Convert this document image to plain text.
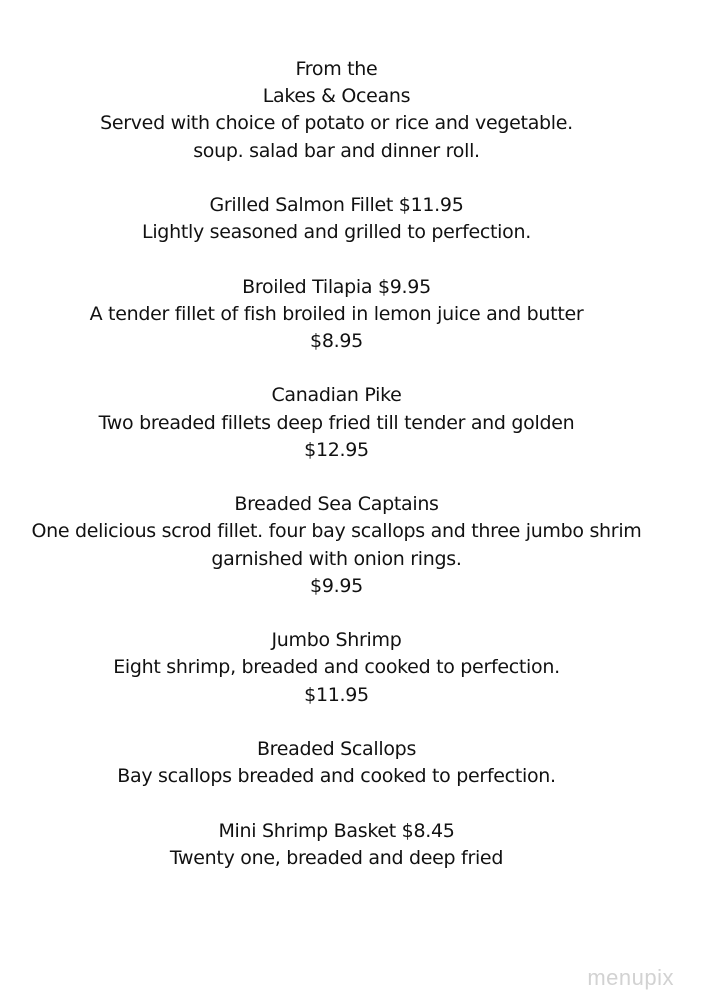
From the
Lakes & Oceans
Served with choice of potato or rice and vegetable.
soup. salad bar and dinner roll.
Grilled Salmon Fillet $11.95
Lightly seasoned and grilled to perfection.
Broiled Tilapia $9.95
A tender fillet of fish broiled in lemon juice and butter
$8.95
Canadian Pike
Two breaded fillets deep fried till tender and golden
$12.95
Breaded Sea Captains
One delicious scrod fillet. four bay scallops and three jumbo shrim
garnished with onion rings.
$9.95
Jumbo Shrimp
Eight shrimp, breaded and cooked to perfection.
$11.95
Breaded Scallops
Bay scallops breaded and cooked to perfection.
Mini Shrimp Basket $8.45
Twenty one, breaded and deep fried
menupix
